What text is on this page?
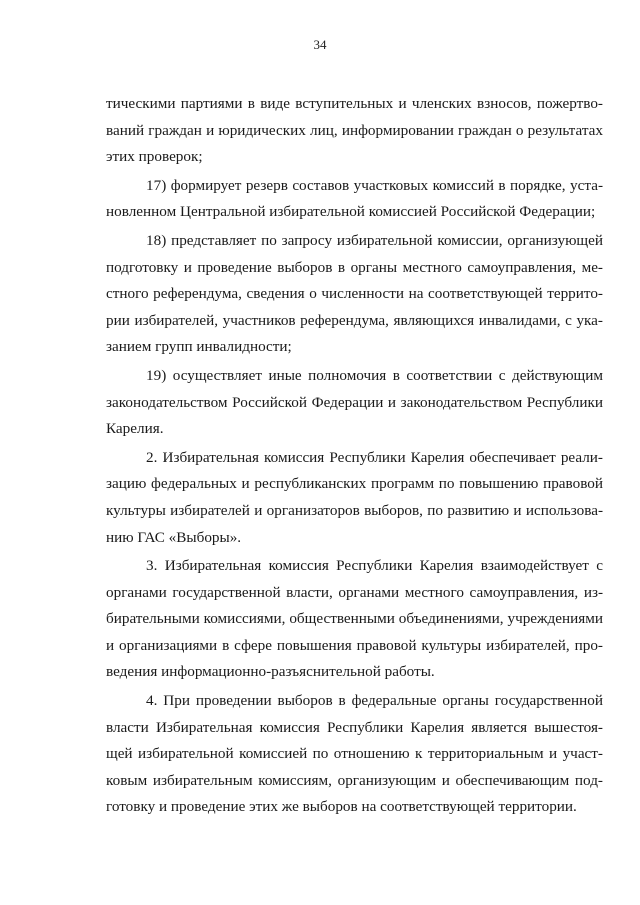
34
тическими партиями в виде вступительных и членских взносов, пожертво-
ваний граждан и юридических лиц, информировании граждан о результатах
этих проверок;
17) формирует резерв составов участковых комиссий в порядке, уста-
новленном Центральной избирательной комиссией Российской Федерации;
18) представляет по запросу избирательной комиссии, организующей
подготовку и проведение выборов в органы местного самоуправления, ме-
стного референдума, сведения о численности на соответствующей террито-
рии избирателей, участников референдума, являющихся инвалидами, с ука-
занием групп инвалидности;
19) осуществляет иные полномочия в соответствии с действующим
законодательством Российской Федерации и законодательством Республики
Карелия.
2. Избирательная комиссия Республики Карелия обеспечивает реали-
зацию федеральных и республиканских программ по повышению правовой
культуры избирателей и организаторов выборов, по развитию и использова-
нию ГАС «Выборы».
3. Избирательная комиссия Республики Карелия взаимодействует с
органами государственной власти, органами местного самоуправления, из-
бирательными комиссиями, общественными объединениями, учреждениями
и организациями в сфере повышения правовой культуры избирателей, про-
ведения информационно-разъяснительной работы.
4. При проведении выборов в федеральные органы государственной
власти Избирательная комиссия Республики Карелия является вышестоя-
щей избирательной комиссией по отношению к территориальным и участ-
ковым избирательным комиссиям, организующим и обеспечивающим под-
готовку и проведение этих же выборов на соответствующей территории.
